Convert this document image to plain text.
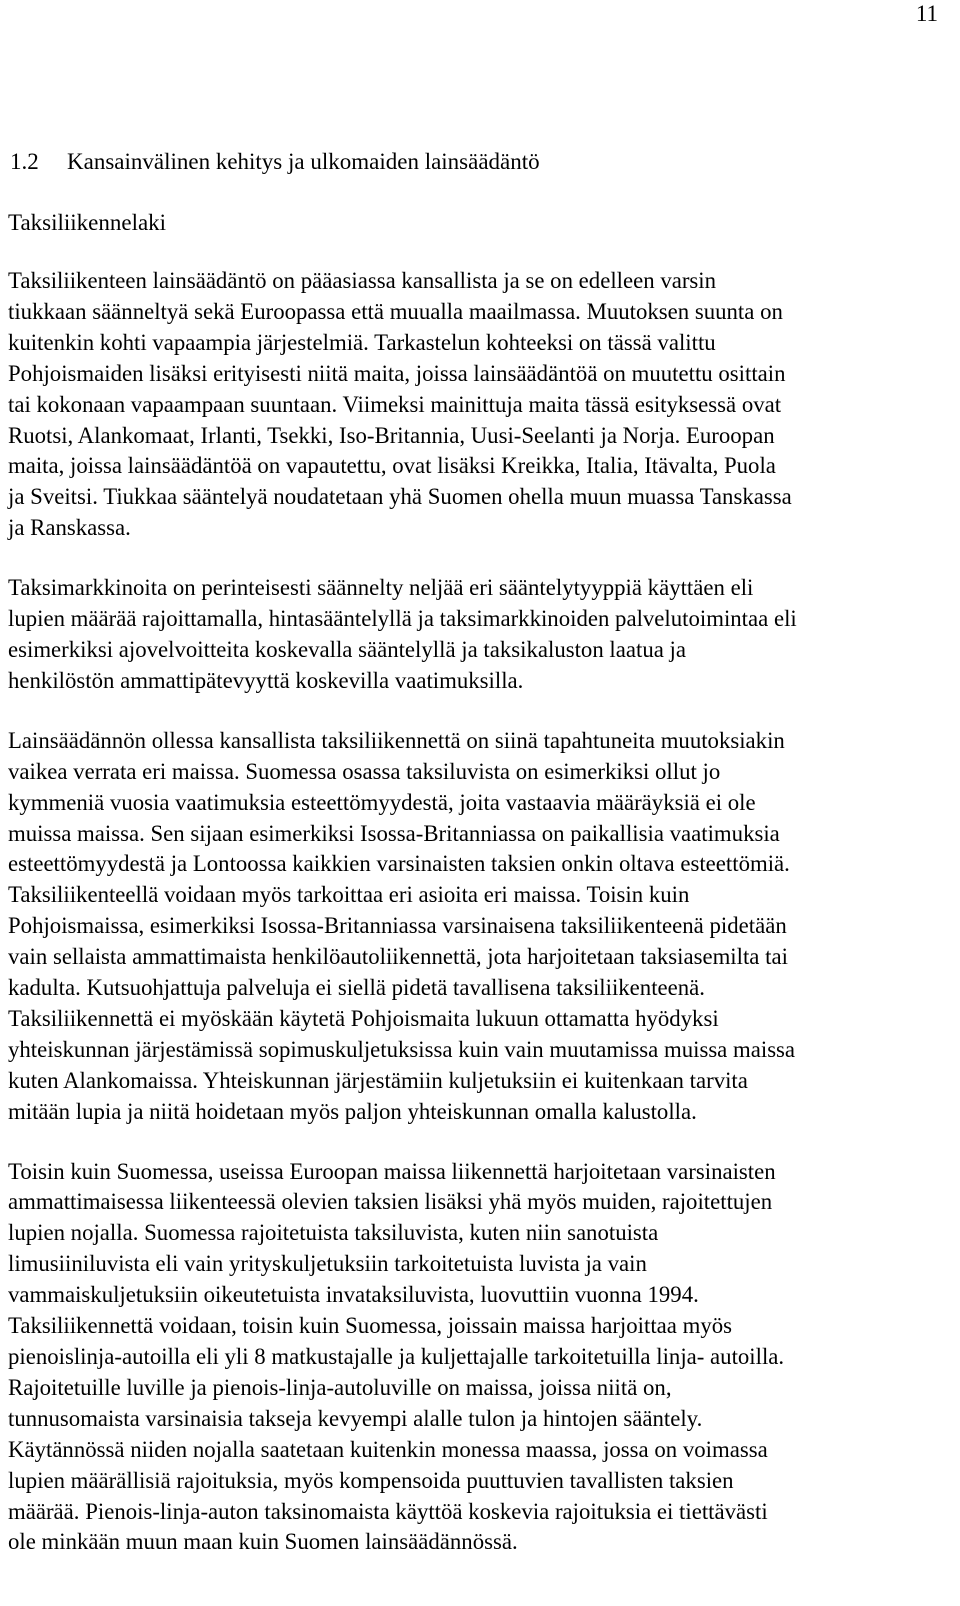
11
1.2 Kansainvälinen kehitys ja ulkomaiden lainsäädäntö
Taksiliikennelaki

Taksiliikenteen lainsäädäntö on pääasiassa kansallista ja se on edelleen varsin
tiukkaan säänneltyä sekä Euroopassa että muualla maailmassa. Muutoksen suunta on
kuitenkin kohti vapaampia järjestelmiä. Tarkastelun kohteeksi on tässä valittu
Pohjoismaiden lisäksi erityisesti niitä maita, joissa lainsäädäntöä on muutettu osittain
tai kokonaan vapaampaan suuntaan. Viimeksi mainittuja maita tässä esityksessä ovat
Ruotsi, Alankomaat, Irlanti, Tsekki, Iso-Britannia, Uusi-Seelanti ja Norja. Euroopan
maita, joissa lainsäädäntöä on vapautettu, ovat lisäksi Kreikka, Italia, Itävalta, Puola
ja Sveitsi. Tiukkaa sääntelyä noudatetaan yhä Suomen ohella muun muassa Tanskassa
ja Ranskassa.

Taksimarkkinoita on perinteisesti säännelty neljää eri sääntelytyyppiä käyttäen eli
lupien määrää rajoittamalla, hintasääntelyllä ja taksimarkkinoiden palvelutoimintaa eli
esimerkiksi ajovelvoitteita koskevalla sääntelyllä ja taksikaluston laatua ja
henkilöstön ammattipätevyyttä koskevilla vaatimuksilla.

Lainsäädännön ollessa kansallista taksiliikennettä on siinä tapahtuneita muutoksiakin
vaikea verrata eri maissa. Suomessa osassa taksiluvista on esimerkiksi ollut jo
kymmeniä vuosia vaatimuksia esteettömyydestä, joita vastaavia määräyksiä ei ole
muissa maissa. Sen sijaan esimerkiksi Isossa-Britanniassa on paikallisia vaatimuksia
esteettömyydestä ja Lontoossa kaikkien varsinaisten taksien onkin oltava esteettömiä.
Taksiliikenteellä voidaan myös tarkoittaa eri asioita eri maissa. Toisin kuin
Pohjoismaissa, esimerkiksi Isossa-Britanniassa varsinaisena taksiliikenteenä pidetään
vain sellaista ammattimaista henkilöautoliikennettä, jota harjoitetaan taksiasemilta tai
kadulta. Kutsuohjattuja palveluja ei siellä pidetä tavallisena taksiliikenteenä.
Taksiliikennettä ei myöskään käytetä Pohjoismaita lukuun ottamatta hyödyksi
yhteiskunnan järjestämissä sopimuskuljetuksissa kuin vain muutamissa muissa maissa
kuten Alankomaissa. Yhteiskunnan järjestämiin kuljetuksiin ei kuitenkaan tarvita
mitään lupia ja niitä hoidetaan myös paljon yhteiskunnan omalla kalustolla.

Toisin kuin Suomessa, useissa Euroopan maissa liikennettä harjoitetaan varsinaisten
ammattimaisessa liikenteessä olevien taksien lisäksi yhä myös muiden, rajoitettujen
lupien nojalla. Suomessa rajoitetuista taksiluvista, kuten niin sanotuista
limusiiniluvista eli vain yrityskuljetuksiin tarkoitetuista luvista ja vain
vammaiskuljetuksiin oikeutetuista invataksiluvista, luovuttiin vuonna 1994.
Taksiliikennettä voidaan, toisin kuin Suomessa, joissain maissa harjoittaa myös
pienoislinja-autoilla eli yli 8 matkustajalle ja kuljettajalle tarkoitetuilla linja- autoilla.
Rajoitetuille luville ja pienois-linja-autoluville on maissa, joissa niitä on,
tunnusomaista varsinaisia takseja kevyempi alalle tulon ja hintojen sääntely.
Käytännössä niiden nojalla saatetaan kuitenkin monessa maassa, jossa on voimassa
lupien määrällisiä rajoituksia, myös kompensoida puuttuvien tavallisten taksien
määrää. Pienois-linja-auton taksinomaista käyttöä koskevia rajoituksia ei tiettävästi
ole minkään muun maan kuin Suomen lainsäädännössä.
